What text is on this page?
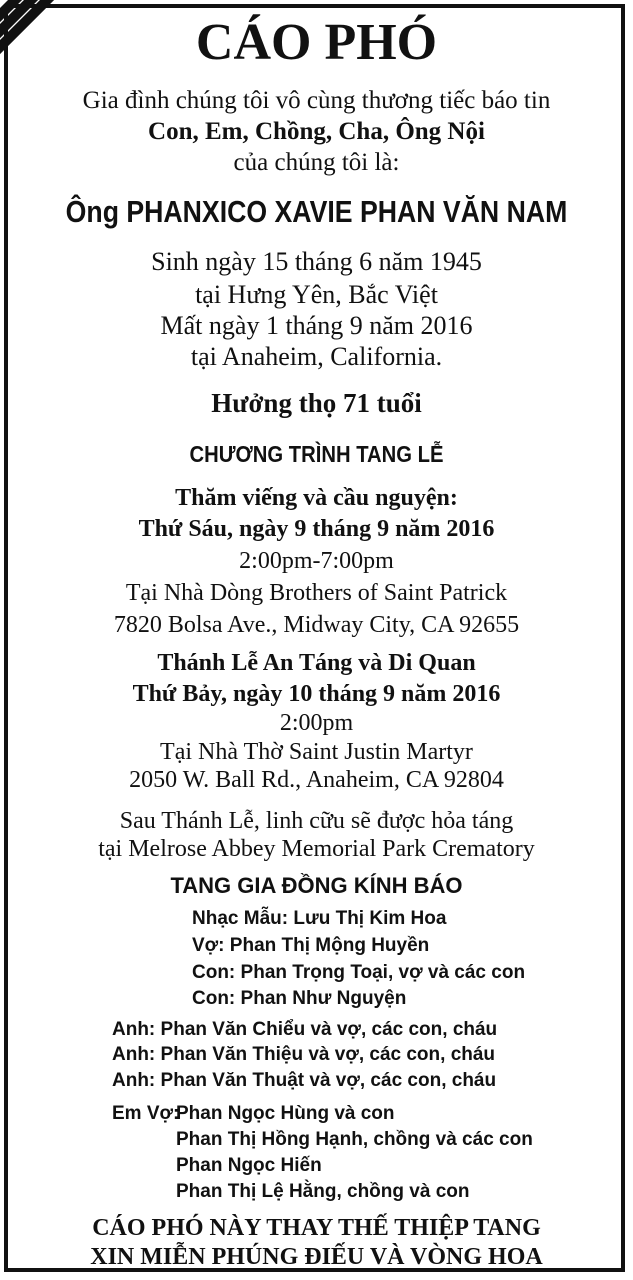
CÁO PHÓ
Gia đình chúng tôi vô cùng thương tiếc báo tin
Con, Em, Chồng, Cha, Ông Nội
của chúng tôi là:
Ông PHANXICO XAVIE PHAN VĂN NAM
Sinh ngày 15 tháng 6 năm 1945
tại Hưng Yên, Bắc Việt
Mất ngày 1 tháng 9 năm 2016
tại Anaheim, California.
Hưởng thọ 71 tuổi
CHƯƠNG TRÌNH TANG LỄ
Thăm viếng và cầu nguyện:
Thứ Sáu, ngày 9 tháng 9 năm 2016
2:00pm-7:00pm
Tại Nhà Dòng Brothers of Saint Patrick
7820 Bolsa Ave., Midway City, CA 92655
Thánh Lễ An Táng và Di Quan
Thứ Bảy, ngày 10 tháng 9 năm 2016
2:00pm
Tại Nhà Thờ Saint Justin Martyr
2050 W. Ball Rd., Anaheim, CA 92804
Sau Thánh Lễ, linh cữu sẽ được hỏa táng
tại Melrose Abbey Memorial Park Crematory
TANG GIA ĐỒNG KÍNH BÁO
Nhạc Mẫu: Lưu Thị Kim Hoa
Vợ: Phan Thị Mộng Huyền
Con: Phan Trọng Toại, vợ và các con
Con: Phan Như Nguyện
Anh: Phan Văn Chiểu và vợ, các con, cháu
Anh: Phan Văn Thiệu và vợ, các con, cháu
Anh: Phan Văn Thuật và vợ, các con, cháu
Em Vợ:
Phan Ngọc Hùng và con
Phan Thị Hồng Hạnh, chồng và các con
Phan Ngọc Hiến
Phan Thị Lệ Hằng, chồng và con
CÁO PHÓ NÀY THAY THẾ THIỆP TANG
XIN MIỄN PHÚNG ĐIẾU VÀ VÒNG HOA
